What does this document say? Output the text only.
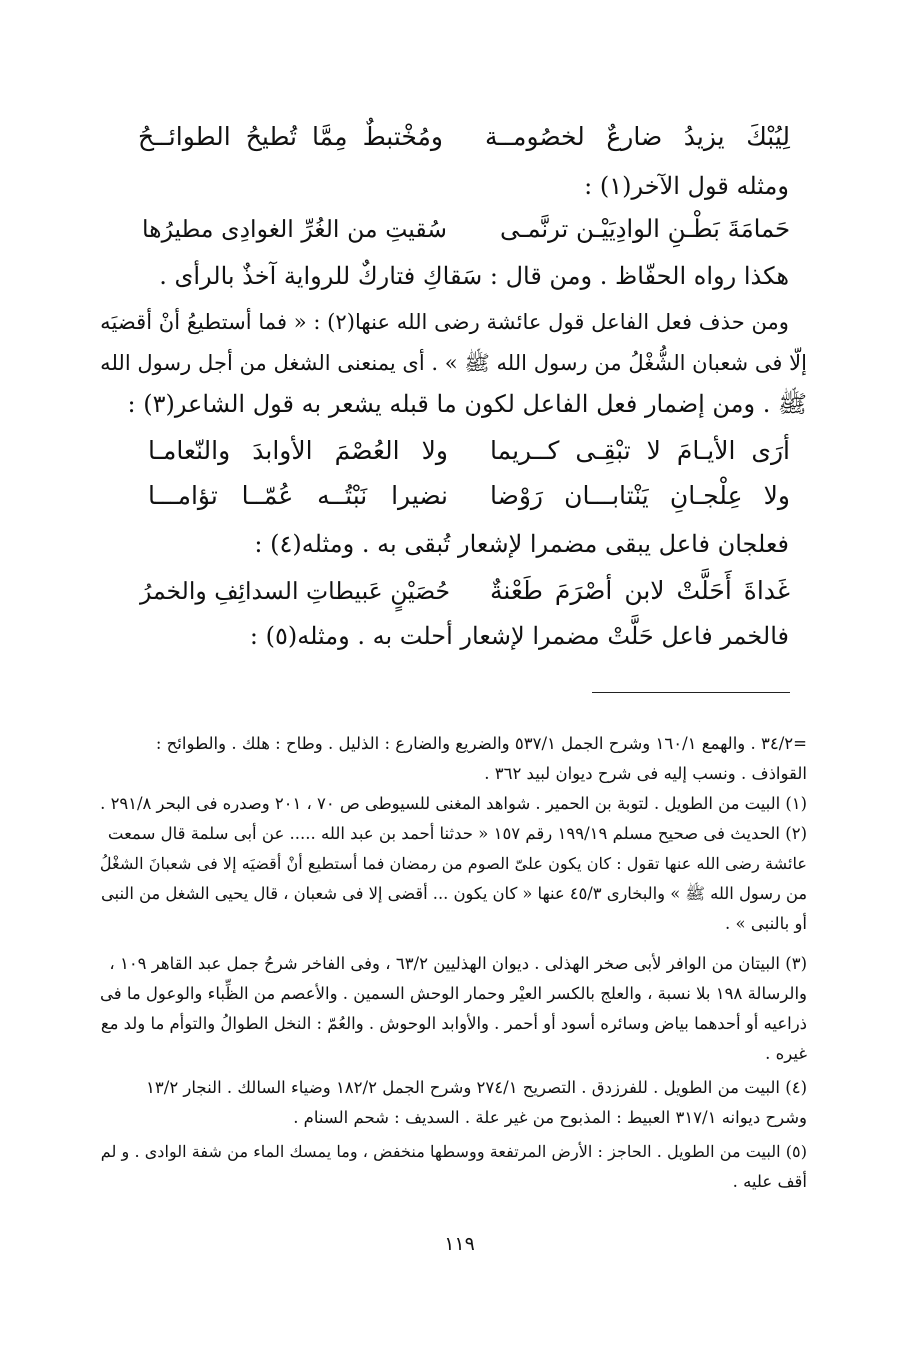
لِيُبْكَ يزيدُ ضارعٌ لخصُومــة
ومُخْتبطٌ مِمَّا تُطيحُ الطوائــحُ
ومثله قول الآخر(١) :
حَمامَةَ بَطْـنِ الوادِيَيْـن ترنَّمـى
سُقيتِ من الغُرِّ الغوادِى مطيرُها
هكذا رواه الحفّاظ . ومن قال : سَقاكِ فتاركٌ للرواية آخذٌ بالرأى .
ومن حذف فعل الفاعل قول عائشة رضى الله عنها(٢) : « فما أستطيعُ أنْ أقضيَه
إلّا فى شعبان الشُّغْلُ من رسول الله ﷺ » . أى يمنعنى الشغل من أجل رسول الله
ﷺ . ومن إضمار فعل الفاعل لكون ما قبله يشعر به قول الشاعر(٣) :
أرَى الأيـامَ لا تبْقِـى كــريما
ولا العُصْمَ الأوابدَ والنّعامـا
ولا عِلْجـانِ يَنْتابـــان رَوْضا
نضيرا نَبْتُــه عُمّــا تؤامـــا
فعلجان فاعل يبقى مضمرا لإشعار تُبقى به . ومثله(٤) :
غَداةَ أَحَلَّتْ لابن أصْرَمَ طَعْنةٌ
حُصَيْنٍ عَبيطاتِ السدائِفِ والخمرُ
فالخمر فاعل حَلَّتْ مضمرا لإشعار أحلت به . ومثله(٥) :
=٣٤/٢ . والهمع ١٦٠/١ وشرح الجمل ٥٣٧/١ والضريع والضارع : الذليل . وطاح : هلك . والطوائح :
القواذف . ونسب إليه فى شرح ديوان لبيد ٣٦٢ .
(١) البيت من الطويل . لتوبة بن الحمير . شواهد المغنى للسيوطى ص ٧٠ ، ٢٠١ وصدره فى البحر ٢٩١/٨ .
(٢) الحديث فى صحيح مسلم ١٩٩/١٩ رقم ١٥٧ « حدثنا أحمد بن عبد الله ..... عن أبى سلمة قال سمعت
عائشة رضى الله عنها تقول : كان يكون علىّ الصوم من رمضان فما أستطيع أنْ أقضيَه إلا فى شعبانَ الشغْلُ
من رسول الله ﷺ » والبخارى ٤٥/٣ عنها « كان يكون ... أقضى إلا فى شعبان ، قال يحيى الشغل من النبى
أو بالنبى » .
(٣) البيتان من الوافر لأبى صخر الهذلى . ديوان الهذليين ٦٣/٢ ، وفى الفاخر شرحُ جمل عبد القاهر ١٠٩ ،
والرسالة ١٩٨ بلا نسبة ، والعلج بالكسر العيْر وحمار الوحش السمين . والأعصم من الظِّباء والوعول ما فى
ذراعيه أو أحدهما بياض وسائره أسود أو أحمر . والأوابد الوحوش . والعُمّ : النخل الطوالُ والتوأم ما ولد مع
غيره .
(٤) البيت من الطويل . للفرزدق . التصريح ٢٧٤/١ وشرح الجمل ١٨٢/٢ وضياء السالك . النجار ١٣/٢
وشرح ديوانه ٣١٧/١ العبيط : المذبوح من غير علة . السديف : شحم السنام .
(٥) البيت من الطويل . الحاجز : الأرض المرتفعة ووسطها منخفض ، وما يمسك الماء من شفة الوادى . و لم
أقف عليه .
١١٩
